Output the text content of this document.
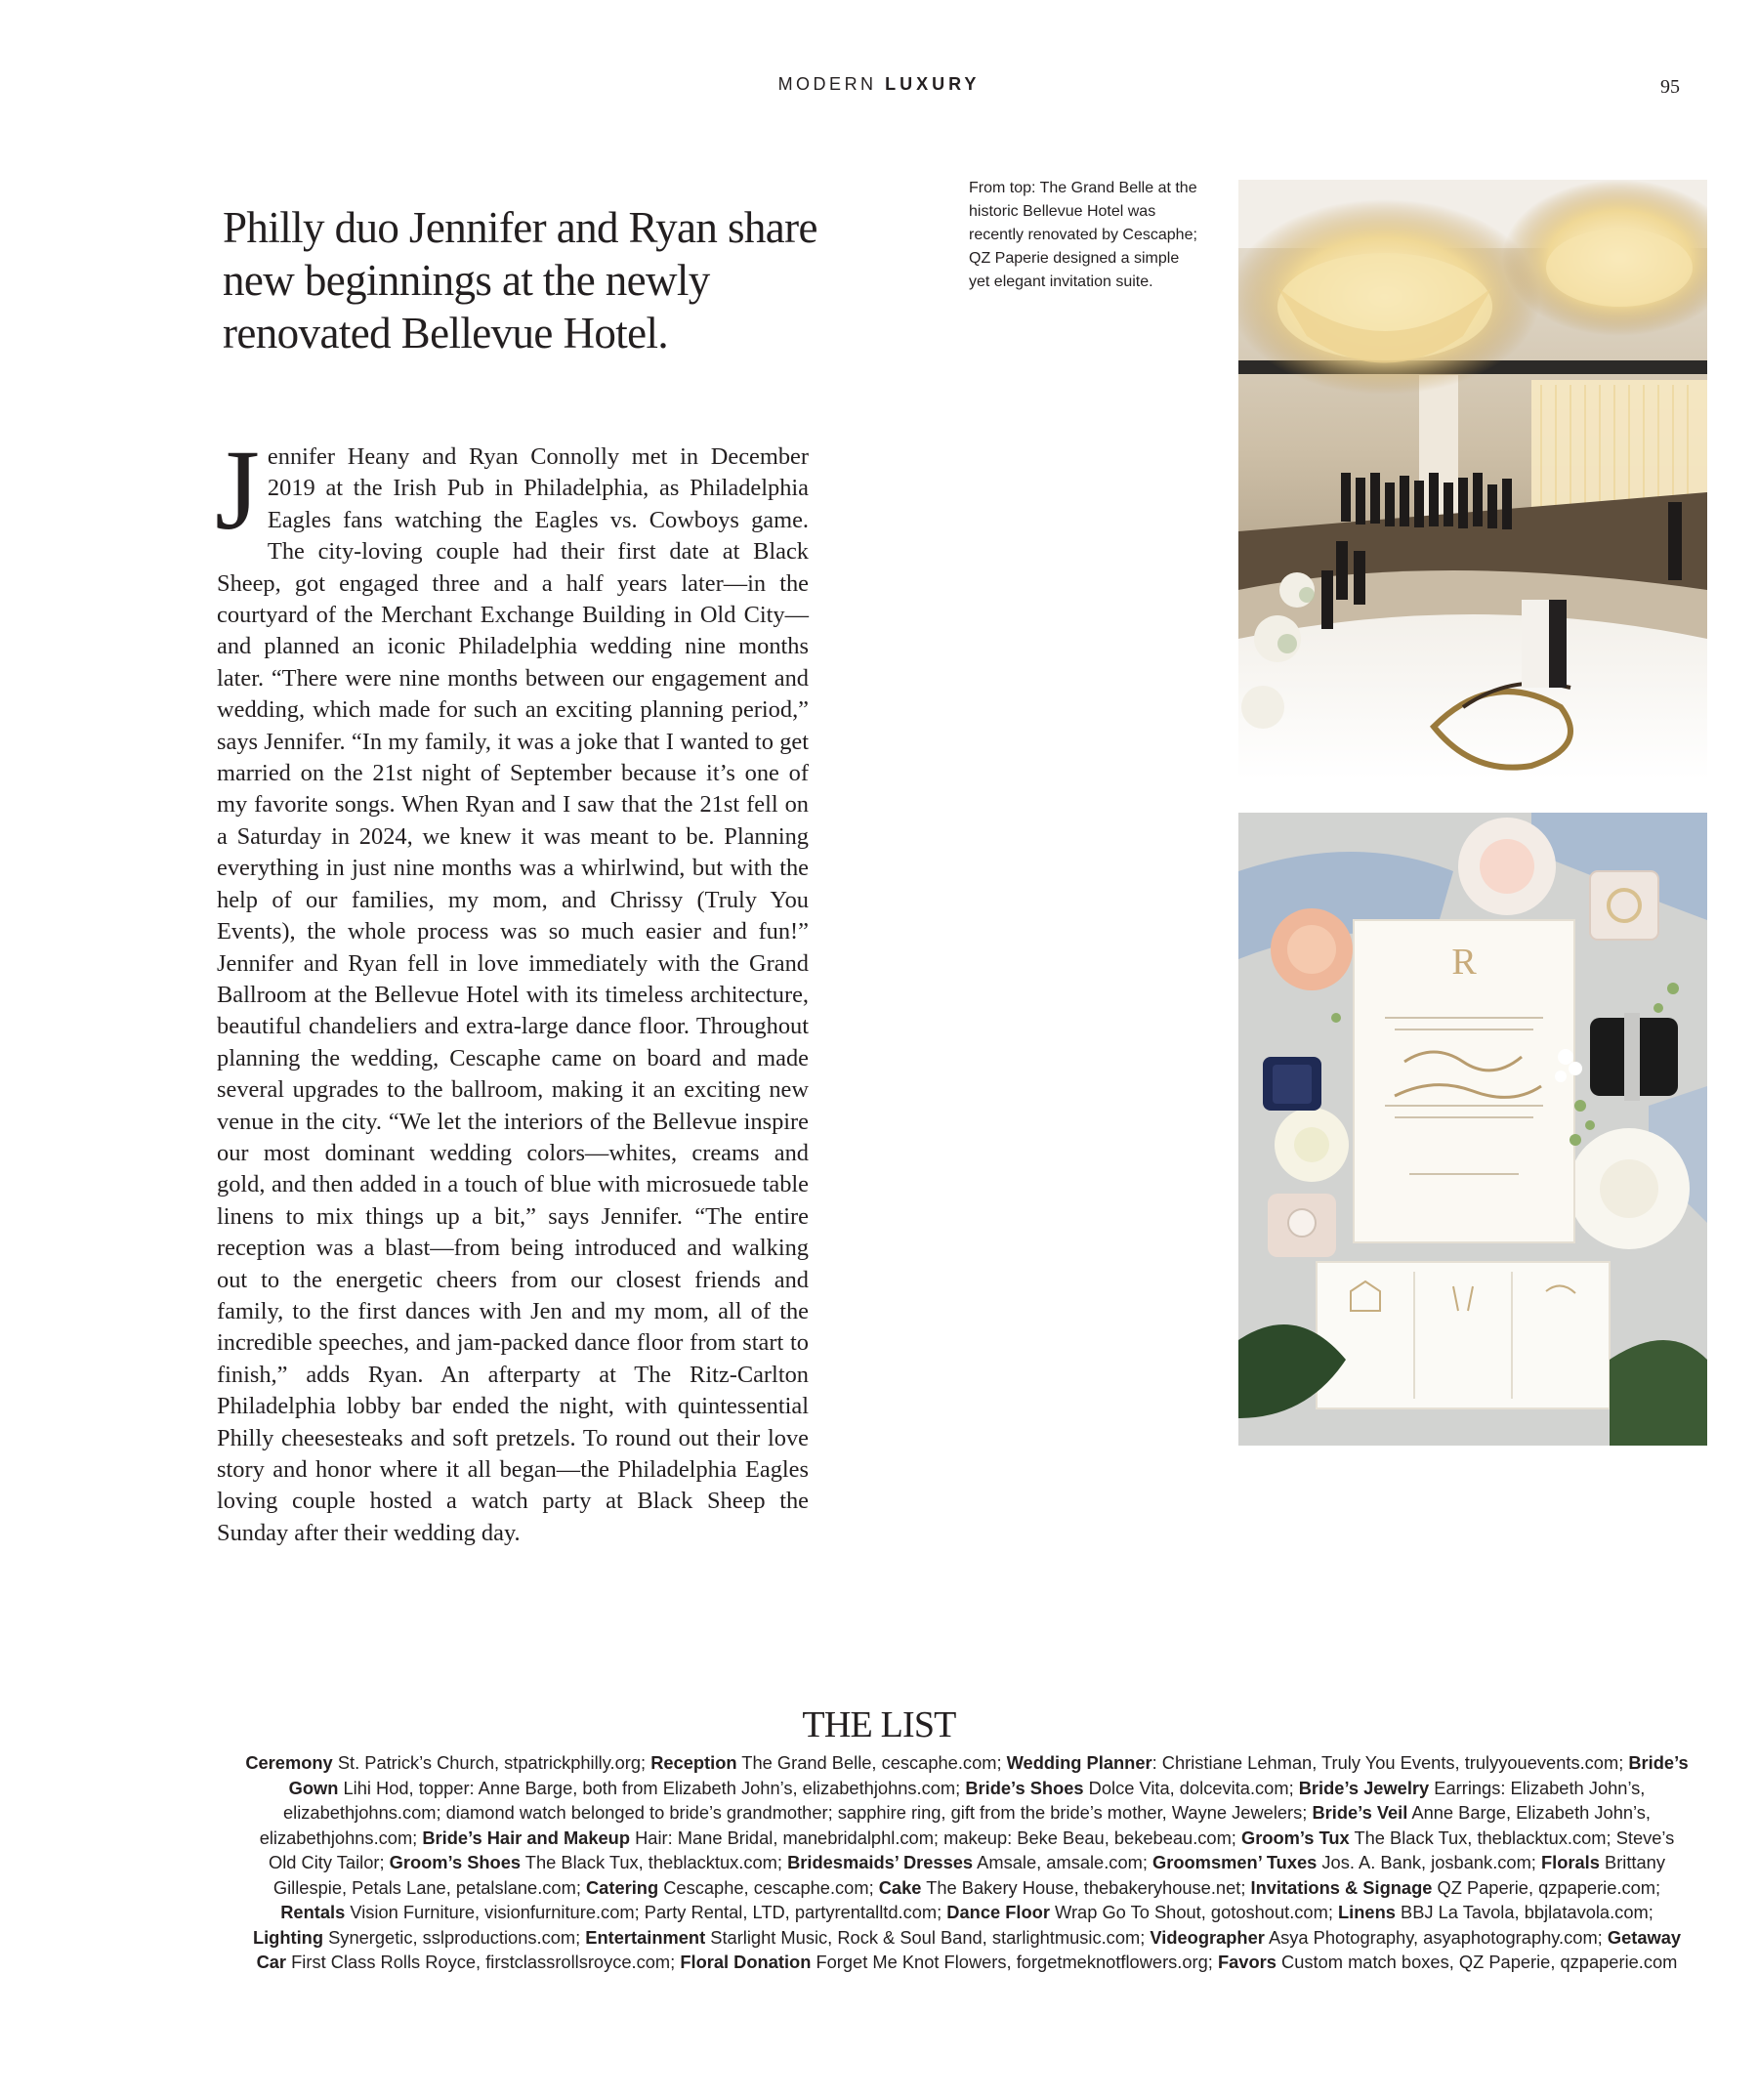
MODERN LUXURY	95
Philly duo Jennifer and Ryan share new beginnings at the newly renovated Bellevue Hotel.
From top: The Grand Belle at the historic Bellevue Hotel was recently renovated by Cescaphe; QZ Paperie designed a simple yet elegant invitation suite.
Jennifer Heany and Ryan Connolly met in December 2019 at the Irish Pub in Philadelphia, as Philadelphia Eagles fans watching the Eagles vs. Cowboys game. The city-loving couple had their first date at Black Sheep, got engaged three and a half years later—in the courtyard of the Merchant Exchange Building in Old City—and planned an iconic Philadelphia wedding nine months later. “There were nine months between our engagement and wedding, which made for such an exciting planning period,” says Jennifer. “In my family, it was a joke that I wanted to get married on the 21st night of September because it’s one of my favorite songs. When Ryan and I saw that the 21st fell on a Saturday in 2024, we knew it was meant to be. Planning everything in just nine months was a whirlwind, but with the help of our families, my mom, and Chrissy (Truly You Events), the whole process was so much easier and fun!” Jennifer and Ryan fell in love immediately with the Grand Ballroom at the Bellevue Hotel with its timeless architecture, beautiful chandeliers and extra-large dance floor. Throughout planning the wedding, Cescaphe came on board and made several upgrades to the ballroom, making it an exciting new venue in the city. “We let the interiors of the Bellevue inspire our most dominant wedding colors—whites, creams and gold, and then added in a touch of blue with microsuede table linens to mix things up a bit,” says Jennifer. “The entire reception was a blast—from being introduced and walking out to the energetic cheers from our closest friends and family, to the first dances with Jen and my mom, all of the incredible speeches, and jam-packed dance floor from start to finish,” adds Ryan. An afterparty at The Ritz-Carlton Philadelphia lobby bar ended the night, with quintessential Philly cheesesteaks and soft pretzels. To round out their love story and honor where it all began—the Philadelphia Eagles loving couple hosted a watch party at Black Sheep the Sunday after their wedding day.
R
THE LIST
Ceremony St. Patrick’s Church, stpatrickphilly.org; Reception The Grand Belle, cescaphe.com; Wedding Planner: Christiane Lehman, Truly You Events, trulyyouevents.com; Bride’s Gown Lihi Hod, topper: Anne Barge, both from Elizabeth John’s, elizabethjohns.com; Bride’s Shoes Dolce Vita, dolcevita.com; Bride’s Jewelry Earrings: Elizabeth John’s, elizabethjohns.com; diamond watch belonged to bride’s grandmother; sapphire ring, gift from the bride’s mother, Wayne Jewelers; Bride’s Veil Anne Barge, Elizabeth John’s, elizabethjohns.com; Bride’s Hair and Makeup Hair: Mane Bridal, manebridalphl.com; makeup: Beke Beau, bekebeau.com; Groom’s Tux The Black Tux, theblacktux.com; Steve’s Old City Tailor; Groom’s Shoes The Black Tux, theblacktux.com; Bridesmaids’ Dresses Amsale, amsale.com; Groomsmen’ Tuxes Jos. A. Bank, josbank.com; Florals Brittany Gillespie, Petals Lane, petalslane.com; Catering Cescaphe, cescaphe.com; Cake The Bakery House, thebakeryhouse.net; Invitations & Signage QZ Paperie, qzpaperie.com; Rentals Vision Furniture, visionfurniture.com; Party Rental, LTD, partyrentalltd.com; Dance Floor Wrap Go To Shout, gotoshout.com; Linens BBJ La Tavola, bbjlatavola.com; Lighting Synergetic, sslproductions.com; Entertainment Starlight Music, Rock & Soul Band, starlightmusic.com; Videographer Asya Photography, asyaphotography.com; Getaway Car First Class Rolls Royce, firstclassrollsroyce.com; Floral Donation Forget Me Knot Flowers, forgetmeknotflowers.org; Favors Custom match boxes, QZ Paperie, qzpaperie.com
